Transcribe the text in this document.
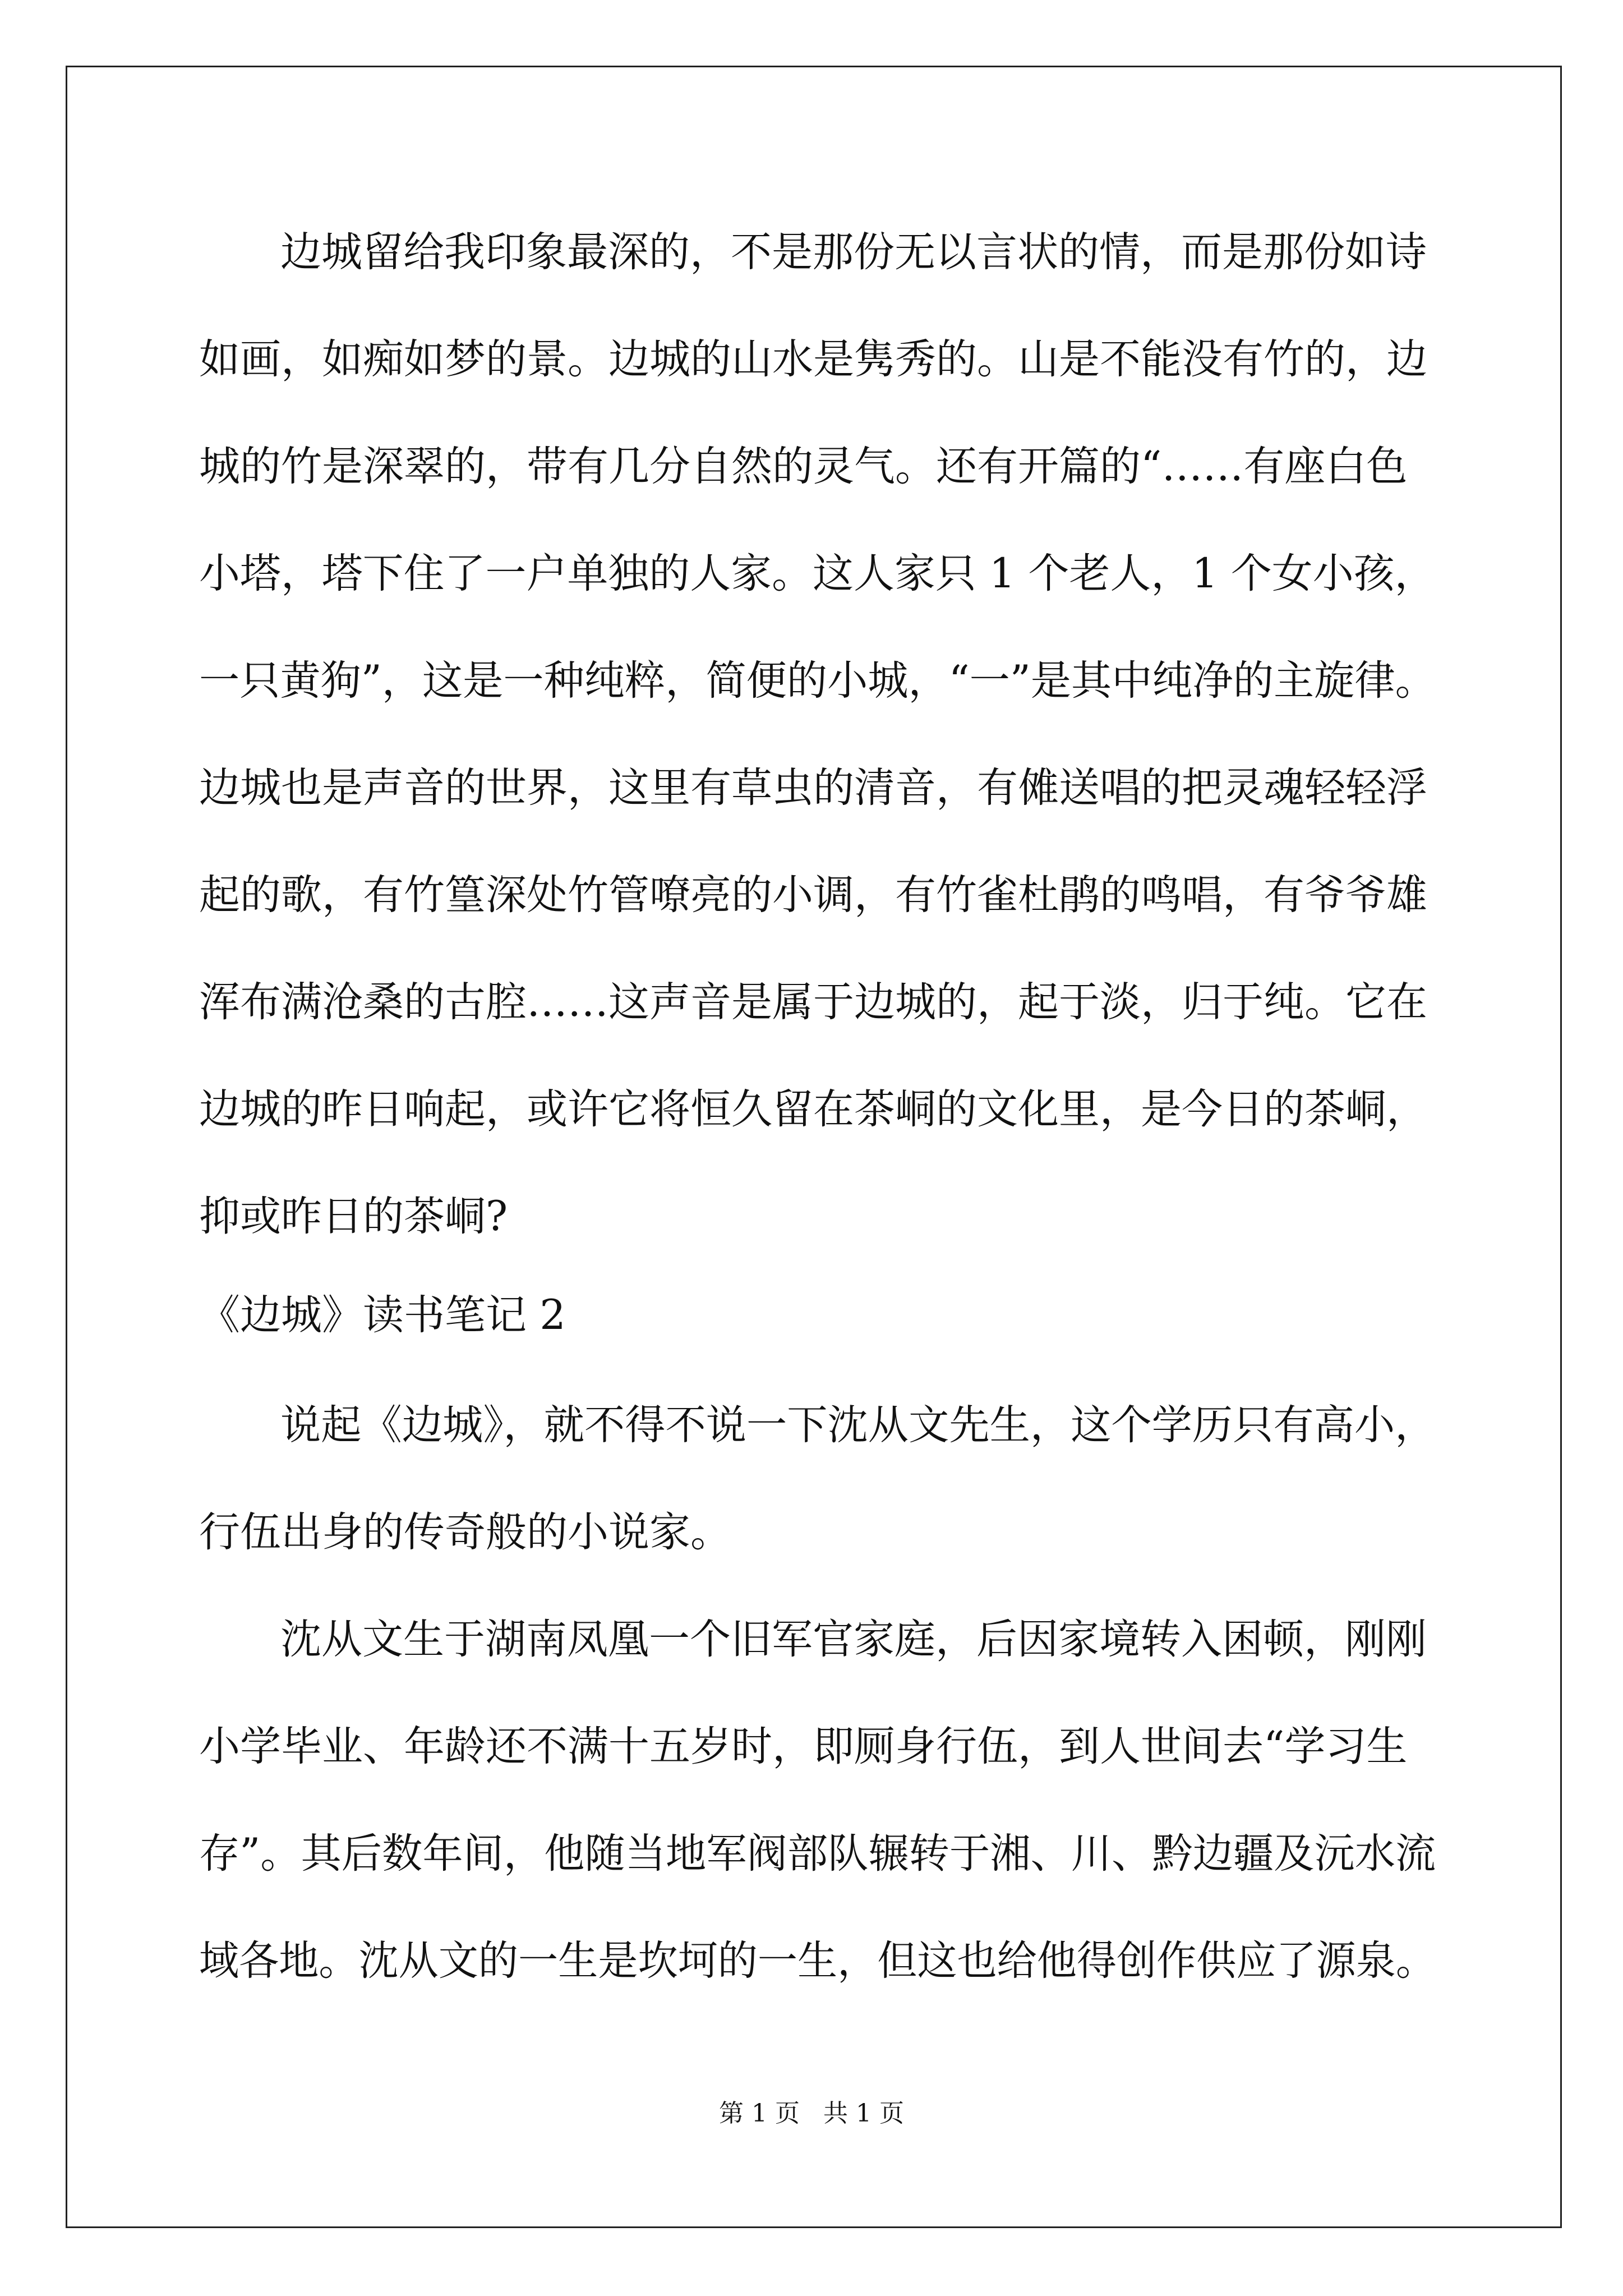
边城留给我印象最深的，不是那份无以言状的情，而是那份如诗
如画，如痴如梦的景。边城的山水是隽秀的。山是不能没有竹的，边
城的竹是深翠的，带有几分自然的灵气。还有开篇的“……有座白色
小塔，塔下住了一户单独的人家。这人家只 1 个老人，1 个女小孩，
一只黄狗”，这是一种纯粹，简便的小城，“一”是其中纯净的主旋律。
边城也是声音的世界，这里有草虫的清音，有傩送唱的把灵魂轻轻浮
起的歌，有竹篁深处竹管嘹亮的小调，有竹雀杜鹃的鸣唱，有爷爷雄
浑布满沧桑的古腔……这声音是属于边城的，起于淡，归于纯。它在
边城的昨日响起，或许它将恒久留在茶峒的文化里，是今日的茶峒，
抑或昨日的茶峒?
《边城》读书笔记 2
说起《边城》，就不得不说一下沈从文先生，这个学历只有高小，
行伍出身的传奇般的小说家。
沈从文生于湖南凤凰一个旧军官家庭，后因家境转入困顿，刚刚
小学毕业、年龄还不满十五岁时，即厕身行伍，到人世间去“学习生
存”。其后数年间，他随当地军阀部队辗转于湘、川、黔边疆及沅水流
域各地。沈从文的一生是坎坷的一生，但这也给他得创作供应了源泉。
第 1 页   共 1 页
